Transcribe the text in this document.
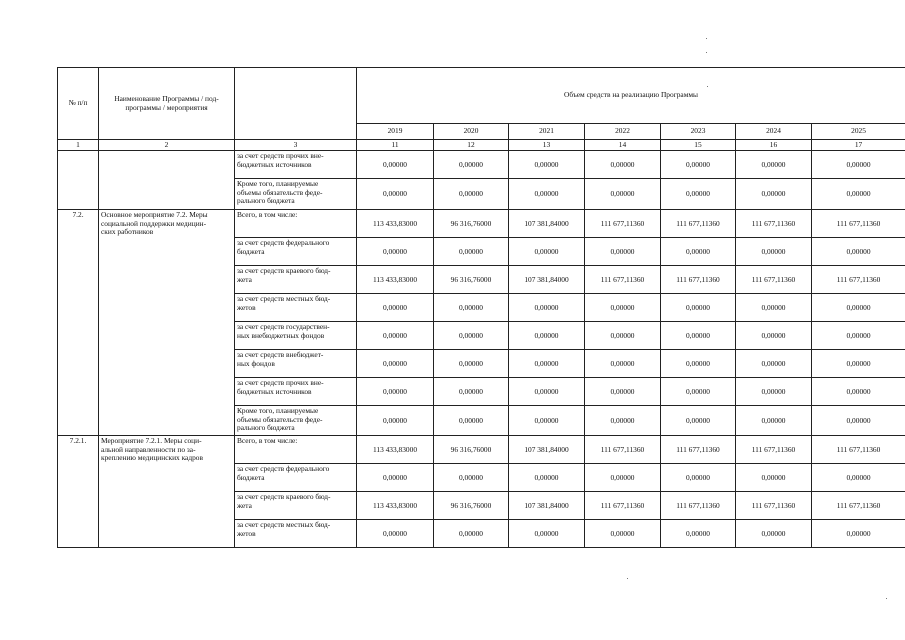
№ п/п	Наименование Программы / под-
программы / мероприятия		Объем средств на реализацию Программы						
			2019	2020	2021	2022	2023	2024	2025
1	2	3	11	12	13	14	15	16	17
		за счет средств прочих вне-
бюджетных источников	0,00000	0,00000	0,00000	0,00000	0,00000	0,00000	0,00000
		Кроме того, планируемые
объемы обязательств феде-
рального бюджета	0,00000	0,00000	0,00000	0,00000	0,00000	0,00000	0,00000
7.2.	Основное мероприятие 7.2. Меры
социальной поддержки медицин-
ских работников	Всего, в том числе:	113 433,83000	96 316,76000	107 381,84000	111 677,11360	111 677,11360	111 677,11360	111 677,11360
		за счет средств федерального
бюджета	0,00000	0,00000	0,00000	0,00000	0,00000	0,00000	0,00000
		за счет средств краевого бюд-
жета	113 433,83000	96 316,76000	107 381,84000	111 677,11360	111 677,11360	111 677,11360	111 677,11360
		за счет средств местных бюд-
жетов	0,00000	0,00000	0,00000	0,00000	0,00000	0,00000	0,00000
		за счет средств государствен-
ных внебюджетных фондов	0,00000	0,00000	0,00000	0,00000	0,00000	0,00000	0,00000
		за счет средств внебюджет-
ных фондов	0,00000	0,00000	0,00000	0,00000	0,00000	0,00000	0,00000
		за счет средств прочих вне-
бюджетных источников	0,00000	0,00000	0,00000	0,00000	0,00000	0,00000	0,00000
		Кроме того, планируемые
объемы обязательств феде-
рального бюджета	0,00000	0,00000	0,00000	0,00000	0,00000	0,00000	0,00000
7.2.1.	Мероприятие 7.2.1. Меры соци-
альной направленности по за-
креплению медицинских кадров	Всего, в том числе:	113 433,83000	96 316,76000	107 381,84000	111 677,11360	111 677,11360	111 677,11360	111 677,11360
		за счет средств федерального
бюджета	0,00000	0,00000	0,00000	0,00000	0,00000	0,00000	0,00000
		за счет средств краевого бюд-
жета	113 433,83000	96 316,76000	107 381,84000	111 677,11360	111 677,11360	111 677,11360	111 677,11360
		за счет средств местных бюд-
жетов	0,00000	0,00000	0,00000	0,00000	0,00000	0,00000	0,00000
